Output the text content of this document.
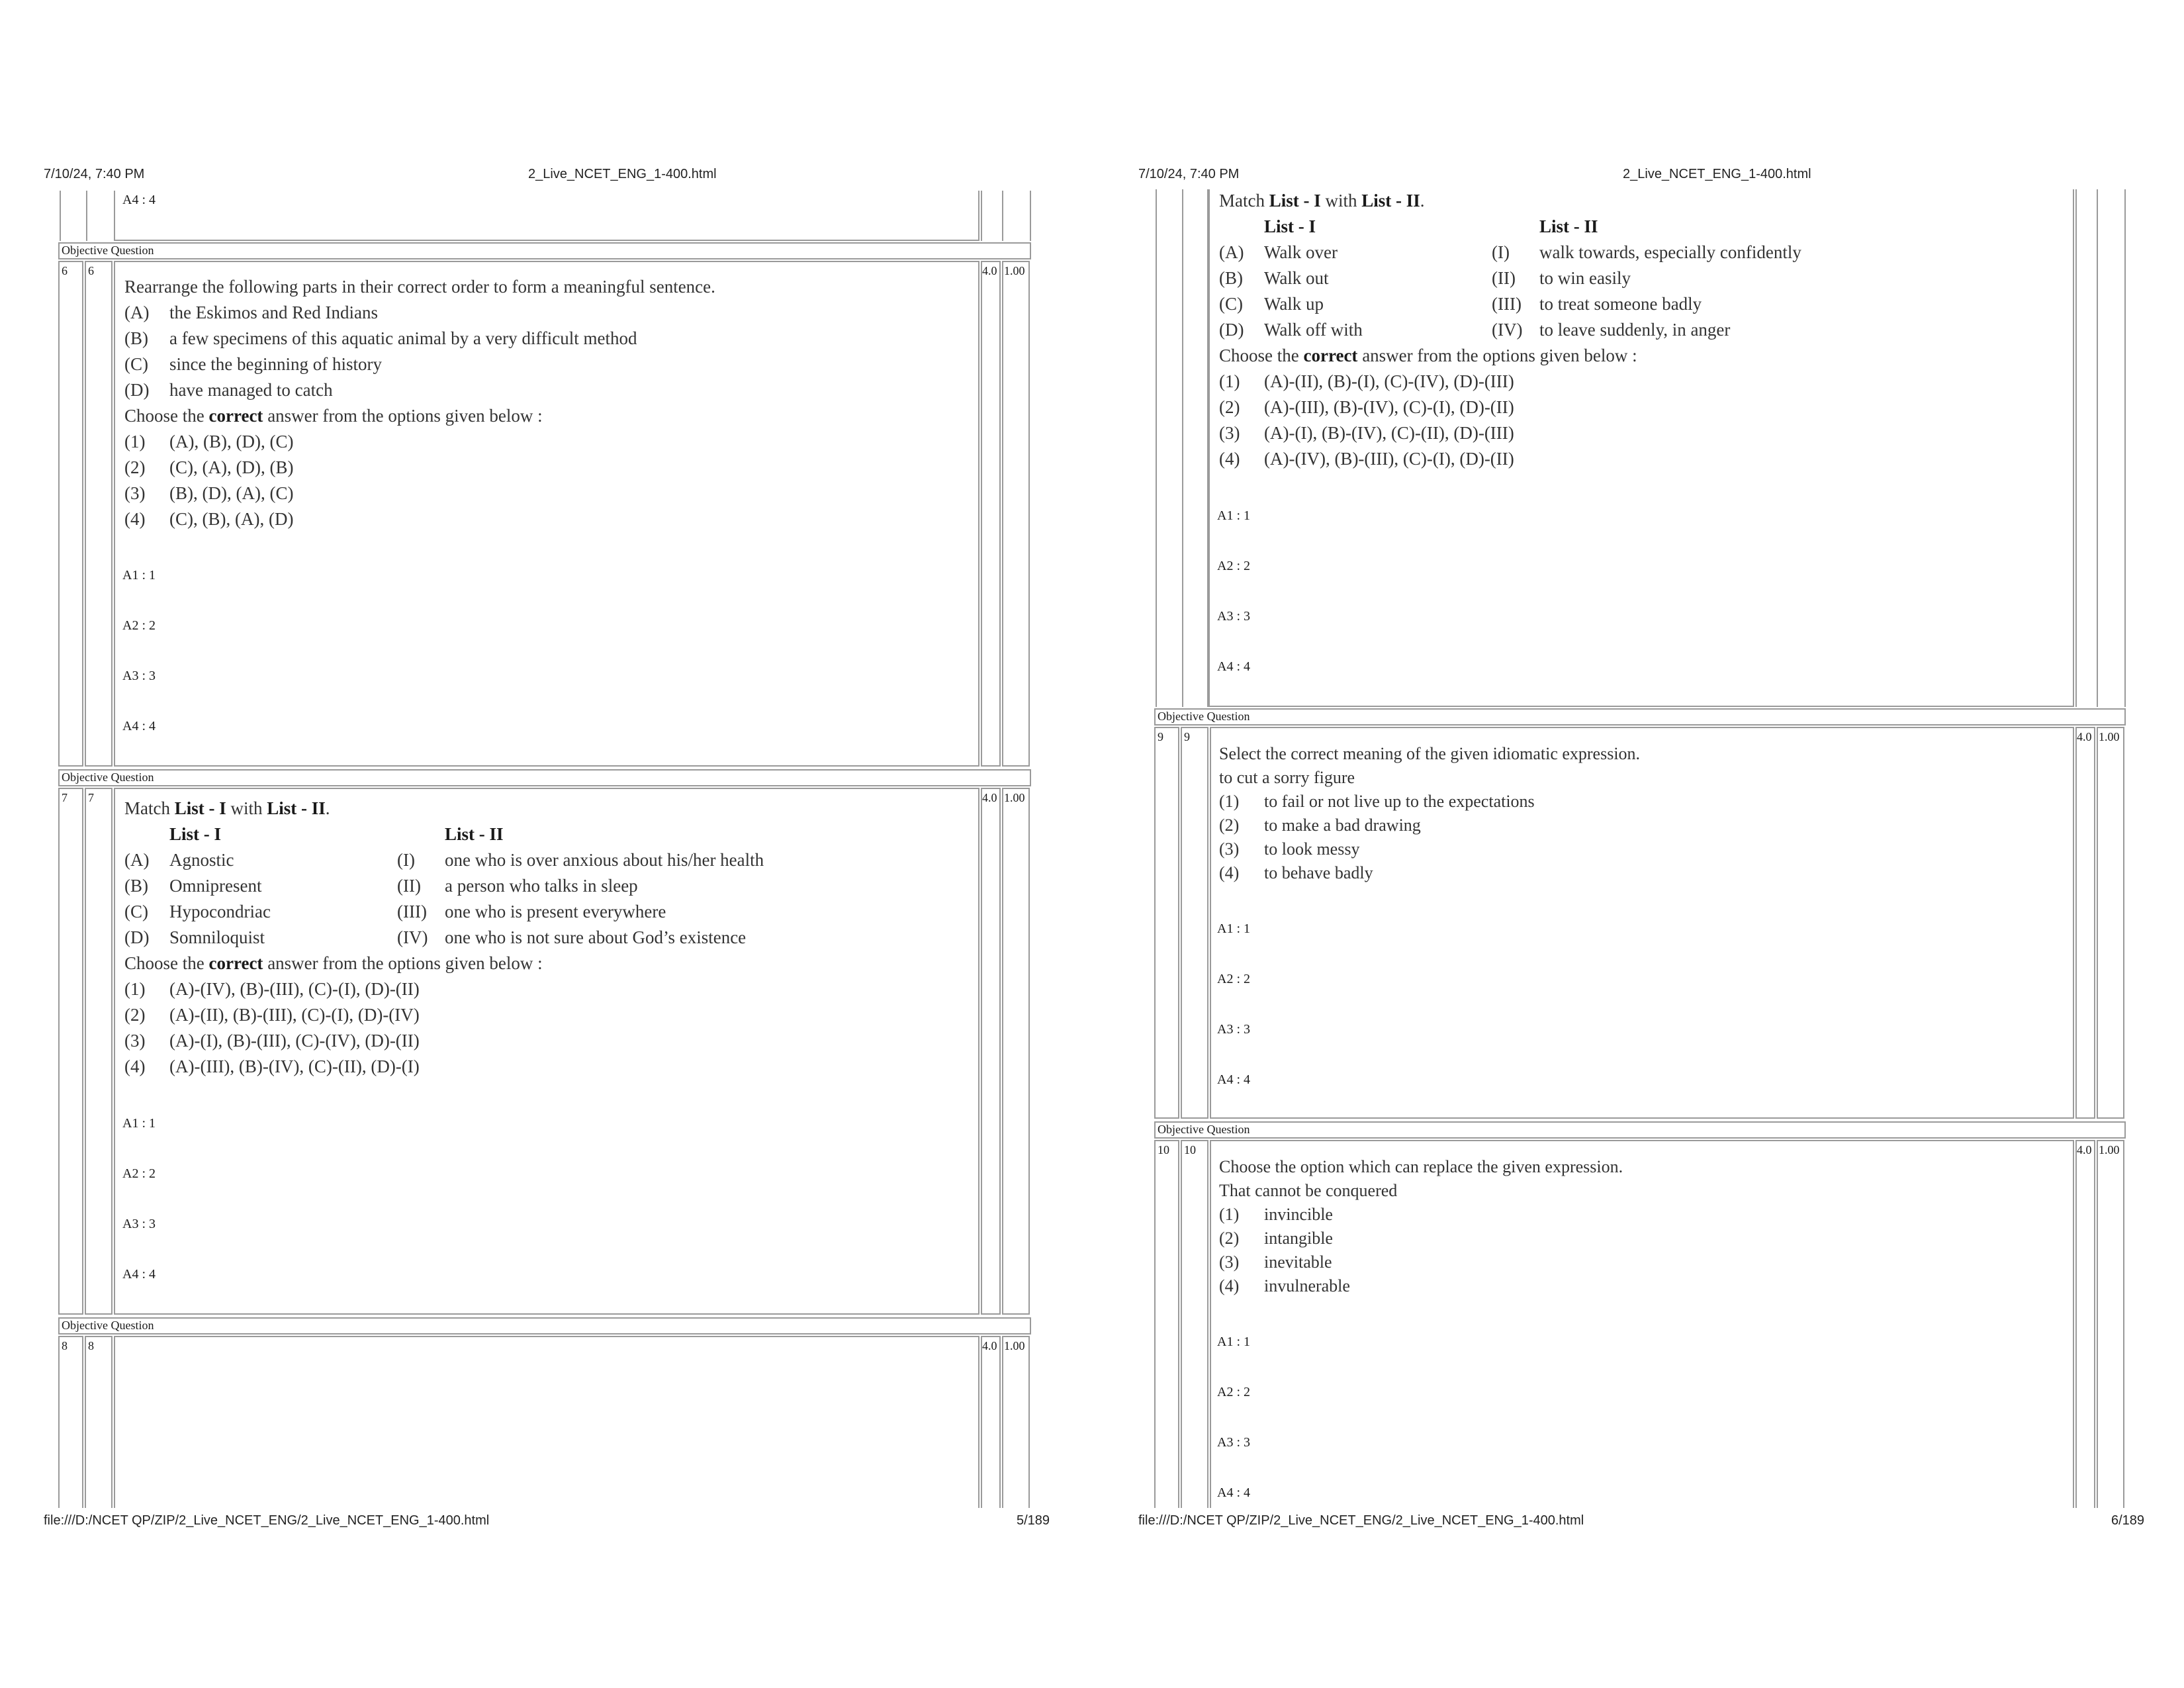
7/10/24, 7:40 PM	2_Live_NCET_ENG_1-400.html
A4 : 4
Objective Question
6 6	4.0 1.00
Rearrange the following parts in their correct order to form a meaningful sentence.
(A) the Eskimos and Red Indians
(B) a few specimens of this aquatic animal by a very difficult method
(C) since the beginning of history
(D) have managed to catch
Choose the correct answer from the options given below :
(1) (A), (B), (D), (C)
(2) (C), (A), (D), (B)
(3) (B), (D), (A), (C)
(4) (C), (B), (A), (D)
A1 : 1
A2 : 2
A3 : 3
A4 : 4
Objective Question
7 7	4.0 1.00
Match List - I with List - II.
List - I	List - II
(A) Agnostic	(I) one who is over anxious about his/her health
(B) Omnipresent	(II) a person who talks in sleep
(C) Hypocondriac	(III) one who is present everywhere
(D) Somniloquist	(IV) one who is not sure about God’s existence
Choose the correct answer from the options given below :
(1) (A)-(IV), (B)-(III), (C)-(I), (D)-(II)
(2) (A)-(II), (B)-(III), (C)-(I), (D)-(IV)
(3) (A)-(I), (B)-(III), (C)-(IV), (D)-(II)
(4) (A)-(III), (B)-(IV), (C)-(II), (D)-(I)
A1 : 1
A2 : 2
A3 : 3
A4 : 4
Objective Question
8 8	4.0 1.00
file:///D:/NCET QP/ZIP/2_Live_NCET_ENG/2_Live_NCET_ENG_1-400.html	5/189
7/10/24, 7:40 PM	2_Live_NCET_ENG_1-400.html
Match List - I with List - II.
List - I	List - II
(A) Walk over	(I) walk towards, especially confidently
(B) Walk out	(II) to win easily
(C) Walk up	(III) to treat someone badly
(D) Walk off with	(IV) to leave suddenly, in anger
Choose the correct answer from the options given below :
(1) (A)-(II), (B)-(I), (C)-(IV), (D)-(III)
(2) (A)-(III), (B)-(IV), (C)-(I), (D)-(II)
(3) (A)-(I), (B)-(IV), (C)-(II), (D)-(III)
(4) (A)-(IV), (B)-(III), (C)-(I), (D)-(II)
A1 : 1
A2 : 2
A3 : 3
A4 : 4
Objective Question
9 9	4.0 1.00
Select the correct meaning of the given idiomatic expression.
to cut a sorry figure
(1) to fail or not live up to the expectations
(2) to make a bad drawing
(3) to look messy
(4) to behave badly
A1 : 1
A2 : 2
A3 : 3
A4 : 4
Objective Question
10 10	4.0 1.00
Choose the option which can replace the given expression.
That cannot be conquered
(1) invincible
(2) intangible
(3) inevitable
(4) invulnerable
A1 : 1
A2 : 2
A3 : 3
A4 : 4
file:///D:/NCET QP/ZIP/2_Live_NCET_ENG/2_Live_NCET_ENG_1-400.html	6/189
